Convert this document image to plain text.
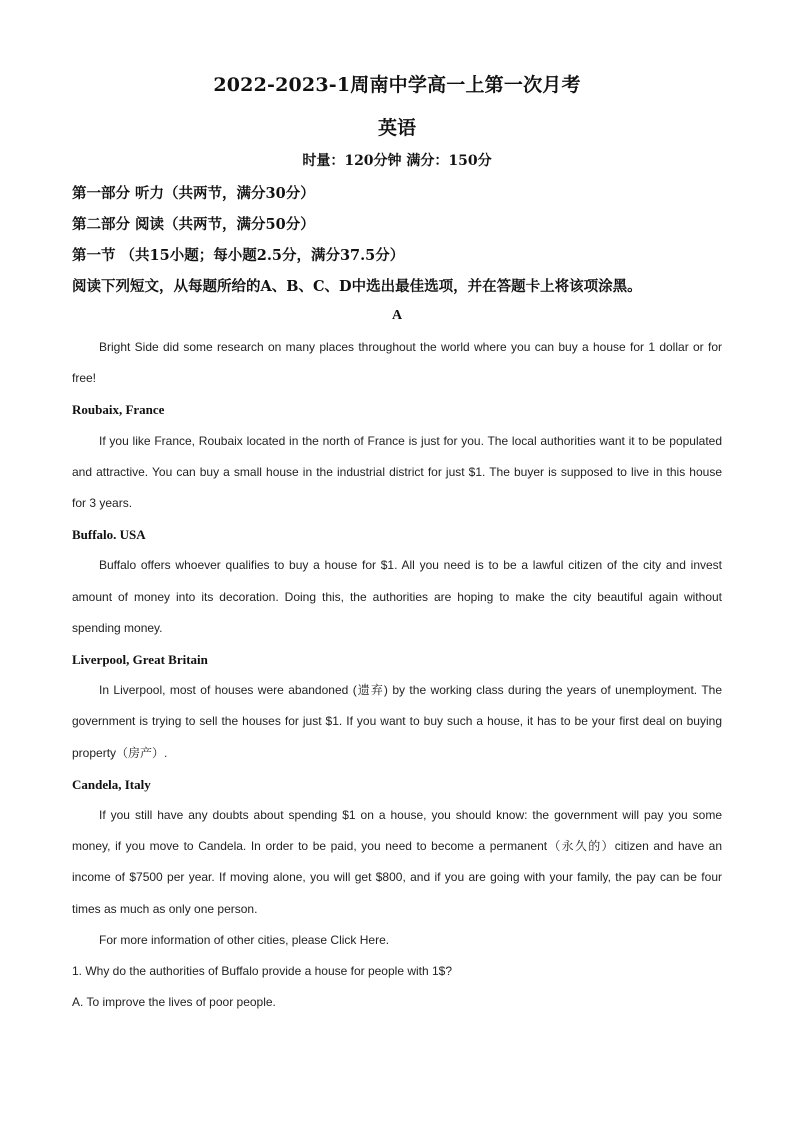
2022-2023-1周南中学高一上第一次月考
英语
时量：120分钟 满分：150分
第一部分 听力（共两节，满分30分）
第二部分 阅读（共两节，满分50分）
第一节 （共15小题；每小题2.5分，满分37.5分）
阅读下列短文，从每题所给的A、B、C、D中选出最佳选项，并在答题卡上将该项涂黑。
A

Bright Side did some research on many places throughout the world where you can buy a house for 1 dollar or for free!

Roubaix, France

If you like France, Roubaix located in the north of France is just for you. The local authorities want it to be populated and attractive. You can buy a small house in the industrial district for just $1. The buyer is supposed to live in this house for 3 years.

Buffalo. USA

Buffalo offers whoever qualifies to buy a house for $1. All you need is to be a lawful citizen of the city and invest amount of money into its decoration. Doing this, the authorities are hoping to make the city beautiful again without spending money.

Liverpool, Great Britain

In Liverpool, most of houses were abandoned (遗弃) by the working class during the years of unemployment. The government is trying to sell the houses for just $1. If you want to buy such a house, it has to be your first deal on buying property（房产）.

Candela, Italy

If you still have any doubts about spending $1 on a house, you should know: the government will pay you some money, if you move to Candela. In order to be paid, you need to become a permanent（永久的）citizen and have an income of $7500 per year. If moving alone, you will get $800, and if you are going with your family, the pay can be four times as much as only one person.

For more information of other cities, please Click Here.

1. Why do the authorities of Buffalo provide a house for people with 1$?

A. To improve the lives of poor people.
